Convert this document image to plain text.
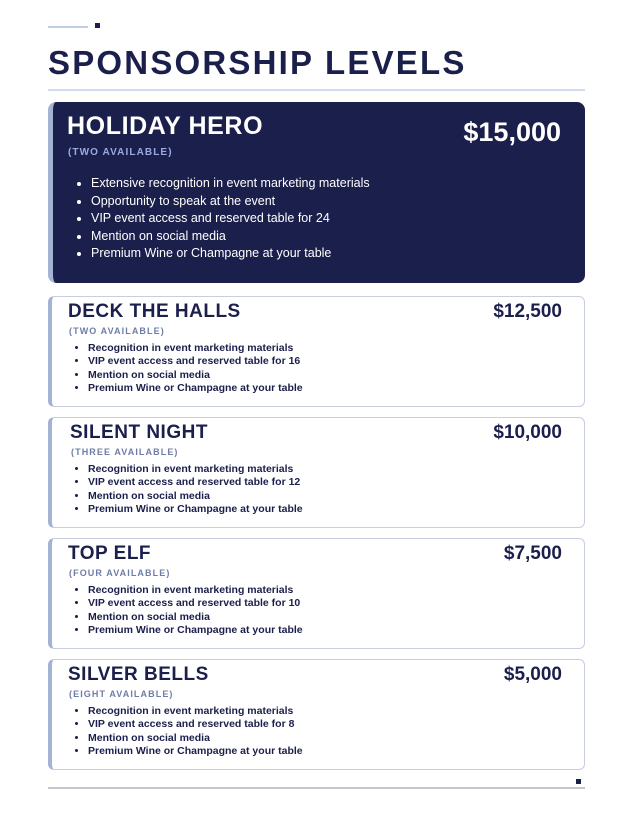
SPONSORSHIP LEVELS
HOLIDAY HERO
(TWO AVAILABLE)
$15,000
• Extensive recognition in event marketing materials
• Opportunity to speak at the event
• VIP event access and reserved table for 24
• Mention on social media
• Premium Wine or Champagne at your table
DECK THE HALLS
(TWO AVAILABLE)
$12,500
• Recognition in event marketing materials
• VIP event access and reserved table for 16
• Mention on social media
• Premium Wine or Champagne at your table
SILENT NIGHT
(THREE AVAILABLE)
$10,000
• Recognition in event marketing materials
• VIP event access and reserved table for 12
• Mention on social media
• Premium Wine or Champagne at your table
TOP ELF
(FOUR AVAILABLE)
$7,500
• Recognition in event marketing materials
• VIP event access and reserved table for 10
• Mention on social media
• Premium Wine or Champagne at your table
SILVER BELLS
(EIGHT AVAILABLE)
$5,000
• Recognition in event marketing materials
• VIP event access and reserved table for 8
• Mention on social media
• Premium Wine or Champagne at your table
